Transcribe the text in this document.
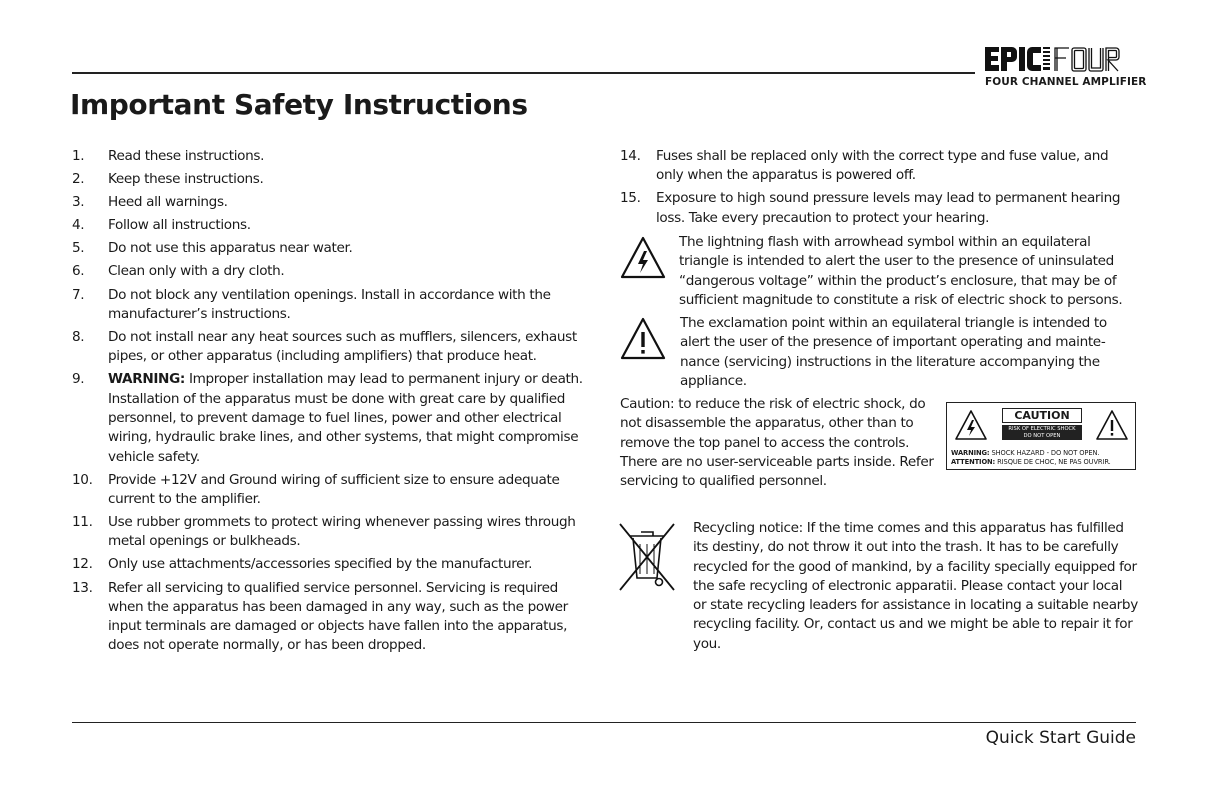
FOUR CHANNEL AMPLIFIER
Important Safety Instructions
1. Read these instructions.
2. Keep these instructions.
3. Heed all warnings.
4. Follow all instructions.
5. Do not use this apparatus near water.
6. Clean only with a dry cloth.
7. Do not block any ventilation openings. Install in accordance with the manufacturer’s instructions.
8. Do not install near any heat sources such as mufflers, silencers, exhaust pipes, or other apparatus (including amplifiers) that produce heat.
9. WARNING: Improper installation may lead to permanent injury or death. Installation of the apparatus must be done with great care by qualified personnel, to prevent damage to fuel lines, power and other electrical wiring, hydraulic brake lines, and other systems, that might compromise vehicle safety.
10. Provide +12V and Ground wiring of sufficient size to ensure adequate current to the amplifier.
11. Use rubber grommets to protect wiring whenever passing wires through metal openings or bulkheads.
12. Only use attachments/accessories specified by the manufacturer.
13. Refer all servicing to qualified service personnel. Servicing is required when the apparatus has been damaged in any way, such as the power input terminals are damaged or objects have fallen into the apparatus, does not operate normally, or has been dropped.
14. Fuses shall be replaced only with the correct type and fuse value, and only when the apparatus is powered off.
15. Exposure to high sound pressure levels may lead to permanent hearing loss. Take every precaution to protect your hearing.
The lightning flash with arrowhead symbol within an equilateral triangle is intended to alert the user to the presence of uninsulated “dangerous voltage” within the product’s enclosure, that may be of sufficient magnitude to constitute a risk of electric shock to persons.
The exclamation point within an equilateral triangle is intended to alert the user of the presence of important operating and mainte-nance (servicing) instructions in the literature accompanying the appliance.
Caution: to reduce the risk of electric shock, do not disassemble the apparatus, other than to remove the top panel to access the controls. There are no user-serviceable parts inside. Refer servicing to qualified personnel.
CAUTION
RISK OF ELECTRIC SHOCK
DO NOT OPEN
WARNING: SHOCK HAZARD - DO NOT OPEN.
ATTENTION: RISQUE DE CHOC, NE PAS OUVRIR.
Recycling notice: If the time comes and this apparatus has fulfilled its destiny, do not throw it out into the trash. It has to be carefully recycled for the good of mankind, by a facility specially equipped for the safe recycling of electronic apparatii. Please contact your local or state recycling leaders for assistance in locating a suitable nearby recycling facility. Or, contact us and we might be able to repair it for you.
Quick Start Guide
